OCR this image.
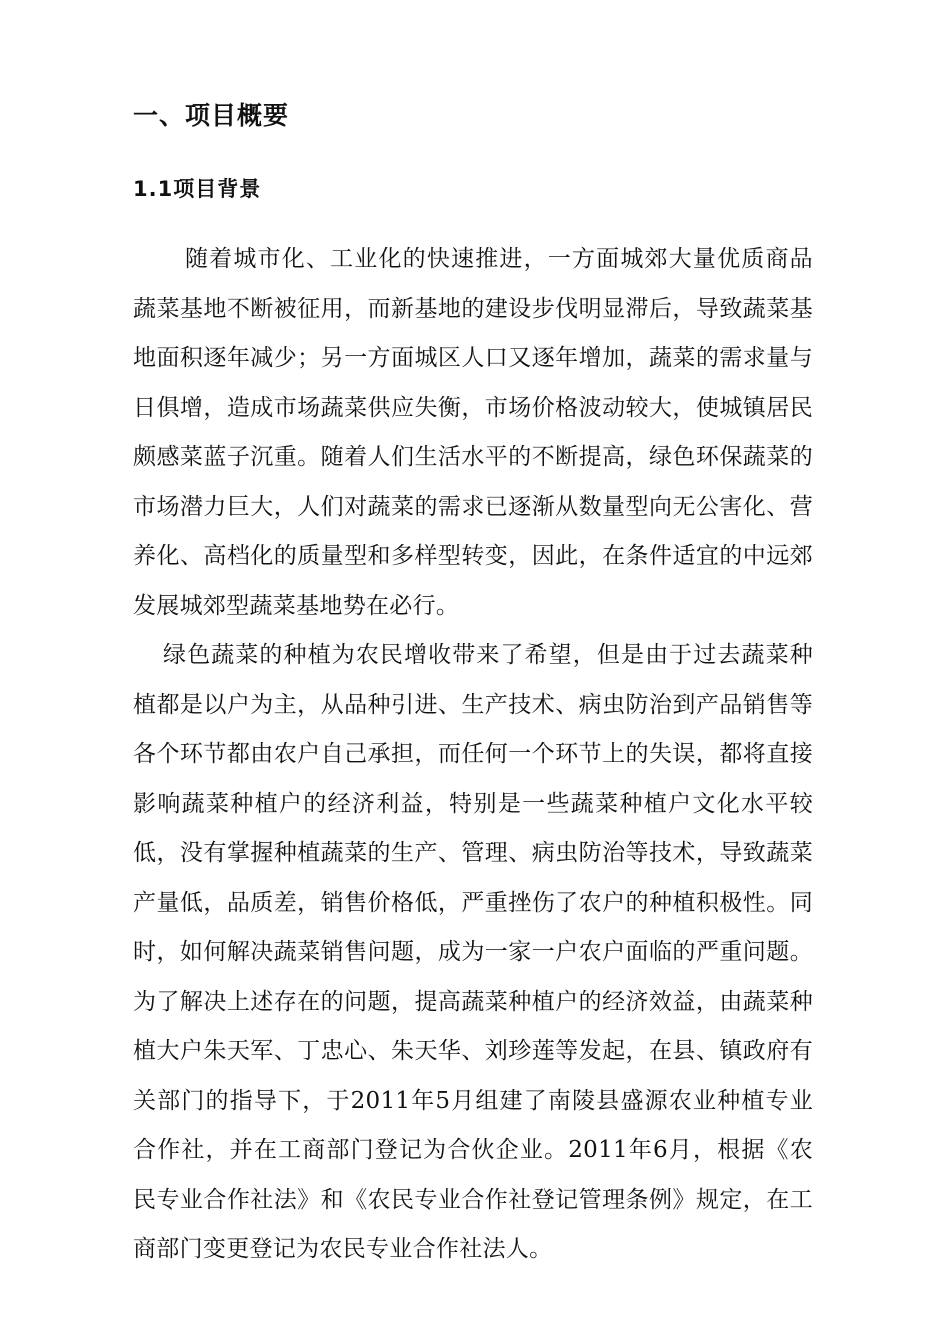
一、项目概要
1.1项目背景

随着城市化、工业化的快速推进，一方面城郊大量优质商品蔬菜基地不断被征用，而新基地的建设步伐明显滞后，导致蔬菜基地面积逐年减少；另一方面城区人口又逐年增加，蔬菜的需求量与日俱增，造成市场蔬菜供应失衡，市场价格波动较大，使城镇居民颇感菜蓝子沉重。随着人们生活水平的不断提高，绿色环保蔬菜的市场潜力巨大，人们对蔬菜的需求已逐渐从数量型向无公害化、营养化、高档化的质量型和多样型转变，因此，在条件适宜的中远郊发展城郊型蔬菜基地势在必行。

绿色蔬菜的种植为农民增收带来了希望，但是由于过去蔬菜种植都是以户为主，从品种引进、生产技术、病虫防治到产品销售等各个环节都由农户自己承担，而任何一个环节上的失误，都将直接影响蔬菜种植户的经济利益，特别是一些蔬菜种植户文化水平较低，没有掌握种植蔬菜的生产、管理、病虫防治等技术，导致蔬菜产量低，品质差，销售价格低，严重挫伤了农户的种植积极性。同时，如何解决蔬菜销售问题，成为一家一户农户面临的严重问题。为了解决上述存在的问题，提高蔬菜种植户的经济效益，由蔬菜种植大户朱天军、丁忠心、朱天华、刘珍莲等发起，在县、镇政府有关部门的指导下，于2011年5月组建了南陵县盛源农业种植专业合作社，并在工商部门登记为合伙企业。2011年6月，根据《农民专业合作社法》和《农民专业合作社登记管理条例》规定，在工商部门变更登记为农民专业合作社法人。
